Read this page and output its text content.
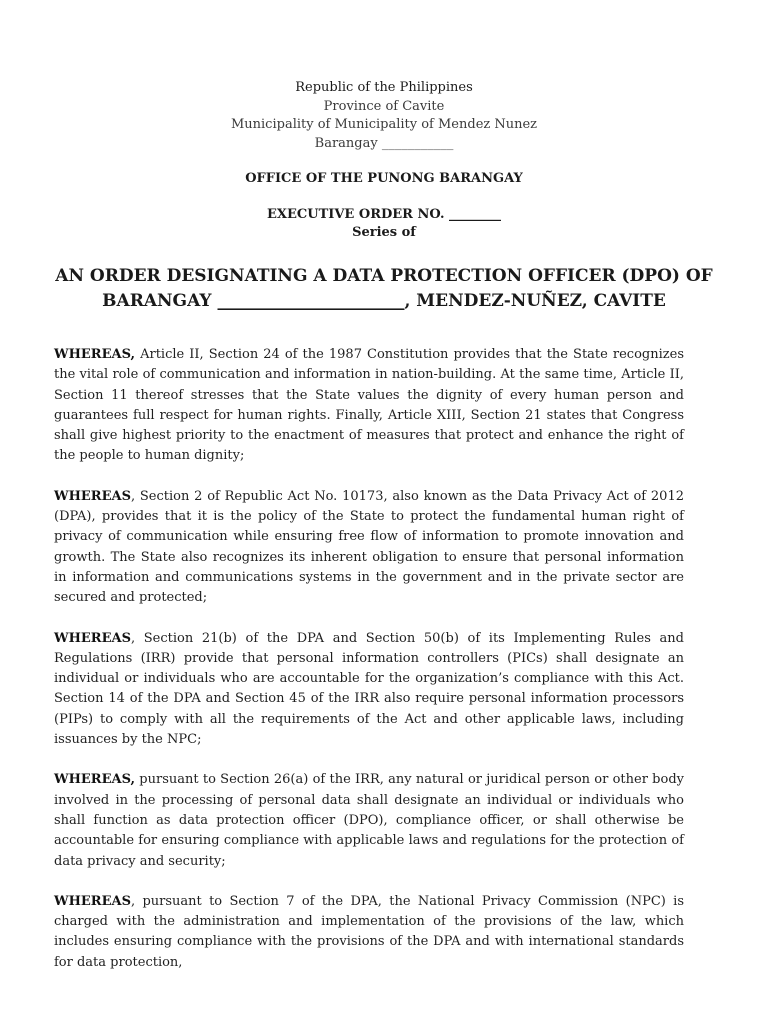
Republic of the Philippines
Province of Cavite
Municipality of Municipality of Mendez Nunez
Barangay ___________
OFFICE OF THE PUNONG BARANGAY
EXECUTIVE ORDER NO. ________
Series of
AN ORDER DESIGNATING A DATA PROTECTION OFFICER (DPO) OF
BARANGAY ______________________, MENDEZ-NUÑEZ, CAVITE

WHEREAS, Article II, Section 24 of the 1987 Constitution provides that the State recognizes the vital role of communication and information in nation-building. At the same time, Article II, Section 11 thereof stresses that the State values the dignity of every human person and guarantees full respect for human rights. Finally, Article XIII, Section 21 states that Congress shall give highest priority to the enactment of measures that protect and enhance the right of the people to human dignity;

WHEREAS, Section 2 of Republic Act No. 10173, also known as the Data Privacy Act of 2012 (DPA), provides that it is the policy of the State to protect the fundamental human right of privacy of communication while ensuring free flow of information to promote innovation and growth. The State also recognizes its inherent obligation to ensure that personal information in information and communications systems in the government and in the private sector are secured and protected;

WHEREAS, Section 21(b) of the DPA and Section 50(b) of its Implementing Rules and Regulations (IRR) provide that personal information controllers (PICs) shall designate an individual or individuals who are accountable for the organization’s compliance with this Act. Section 14 of the DPA and Section 45 of the IRR also require personal information processors (PIPs) to comply with all the requirements of the Act and other applicable laws, including issuances by the NPC;

WHEREAS, pursuant to Section 26(a) of the IRR, any natural or juridical person or other body involved in the processing of personal data shall designate an individual or individuals who shall function as data protection officer (DPO), compliance officer, or shall otherwise be accountable for ensuring compliance with applicable laws and regulations for the protection of data privacy and security;

WHEREAS, pursuant to Section 7 of the DPA, the National Privacy Commission (NPC) is charged with the administration and implementation of the provisions of the law, which includes ensuring compliance with the provisions of the DPA and with international standards for data protection,
